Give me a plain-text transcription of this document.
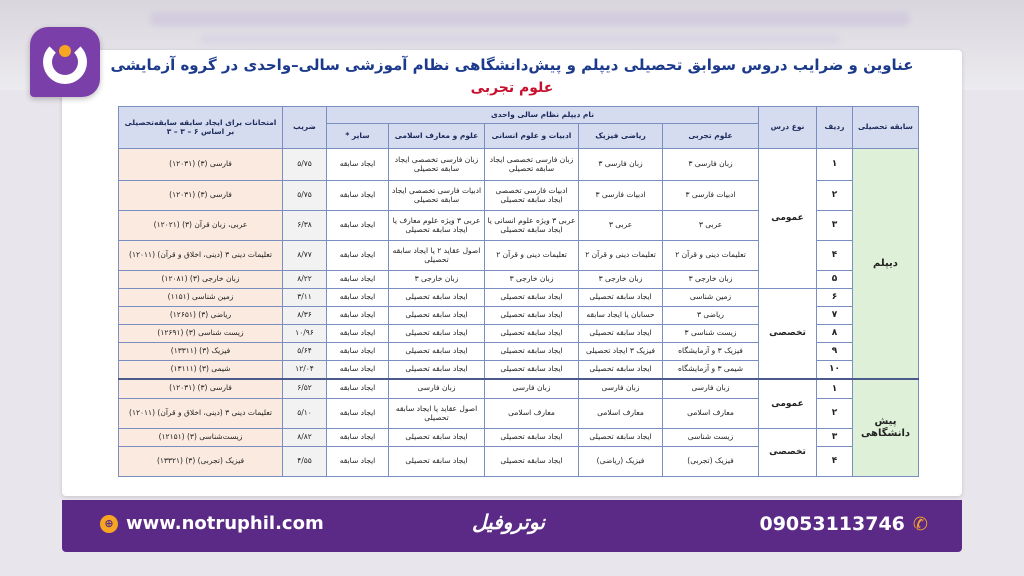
عناوین و ضرایب دروس سوابق تحصیلی دیپلم و پیش‌دانشگاهی نظام آموزشی سالی–واحدی در گروه آزمایشی
علوم تجربی
سابقه تحصیلی	ردیف	نوع درس	نام دیپلم نظام سالی واحدی					ضریب	امتحانات برای ایجاد سابقه سابقه‌تحصیلی بر اساس ۶ – ۳ – ۳
			علوم تجربی	ریاضی فیزیک	ادبیات و علوم انسانی	علوم و معارف اسلامی	سایر *		
دیپلم	۱	عمومی	زبان فارسی ۳	زبان فارسی ۳	زبان فارسی تخصصی ایجاد سابقه تحصیلی	زبان فارسی تخصصی ایجاد سابقه تحصیلی	ایجاد سابقه	۵/۷۵	فارسی (۳) (۱۲۰۳۱)
	۲		ادبیات فارسی ۳	ادبیات فارسی ۳	ادبیات فارسی تخصصی ایجاد سابقه تحصیلی	ادبیات فارسی تخصصی ایجاد سابقه تحصیلی	ایجاد سابقه	۵/۷۵	فارسی (۳) (۱۲۰۳۱)
	۳		عربی ۳	عربی ۳	عربی ۳ ویژه علوم انسانی یا ایجاد سابقه تحصیلی	عربی ۳ ویژه علوم معارف یا ایجاد سابقه تحصیلی	ایجاد سابقه	۶/۳۸	عربی، زبان قرآن (۳) (۱۲۰۲۱)
	۴		تعلیمات دینی و قرآن ۲	تعلیمات دینی و قرآن ۲	تعلیمات دینی و قرآن ۲	اصول عقاید ۲ یا ایجاد سابقه تحصیلی	ایجاد سابقه	۸/۷۷	تعلیمات دینی ۳ (دینی، اخلاق و قرآن) (۱۲۰۱۱)
	۵		زبان خارجی ۳	زبان خارجی ۳	زبان خارجی ۳	زبان خارجی ۳	ایجاد سابقه	۸/۲۲	زبان خارجی (۳) (۱۲۰۸۱)
	۶	تخصصی	زمین شناسی	ایجاد سابقه تحصیلی	ایجاد سابقه تحصیلی	ایجاد سابقه تحصیلی	ایجاد سابقه	۳/۱۱	زمین شناسی (۱۱۵۱)
	۷		ریاضی ۳	حسابان یا ایجاد سابقه	ایجاد سابقه تحصیلی	ایجاد سابقه تحصیلی	ایجاد سابقه	۸/۳۶	ریاضی (۳) (۱۲۶۵۱)
	۸		زیست شناسی ۳	ایجاد سابقه تحصیلی	ایجاد سابقه تحصیلی	ایجاد سابقه تحصیلی	ایجاد سابقه	۱۰/۹۶	زیست شناسی (۳) (۱۲۶۹۱)
	۹		فیزیک ۳ و آزمایشگاه	فیزیک ۳ ایجاد تحصیلی	ایجاد سابقه تحصیلی	ایجاد سابقه تحصیلی	ایجاد سابقه	۵/۶۴	فیزیک (۳) (۱۳۳۱۱)
	۱۰		شیمی ۳ و آزمایشگاه	ایجاد سابقه تحصیلی	ایجاد سابقه تحصیلی	ایجاد سابقه تحصیلی	ایجاد سابقه	۱۲/۰۴	شیمی (۳) (۱۳۱۱۱)
پیش دانشگاهی	۱	عمومی	زبان فارسی	زبان فارسی	زبان فارسی	زبان فارسی	ایجاد سابقه	۶/۵۲	فارسی (۳) (۱۲۰۳۱)
	۲		معارف اسلامی	معارف اسلامی	معارف اسلامی	اصول عقاید یا ایجاد سابقه تحصیلی	ایجاد سابقه	۵/۱۰	تعلیمات دینی ۳ (دینی، اخلاق و قرآن) (۱۲۰۱۱)
	۳	تخصصی	زیست شناسی	ایجاد سابقه تحصیلی	ایجاد سابقه تحصیلی	ایجاد سابقه تحصیلی	ایجاد سابقه	۸/۸۲	زیست‌شناسی (۳) (۱۲۱۵۱)
	۴		فیزیک (تجربی)	فیزیک (ریاضی)	ایجاد سابقه تحصیلی	ایجاد سابقه تحصیلی	ایجاد سابقه	۴/۵۵	فیزیک (تجربی) (۳) (۱۳۳۲۱)
⊕ www.notruphil.com	نوتروفیل	09053113746 ✆
